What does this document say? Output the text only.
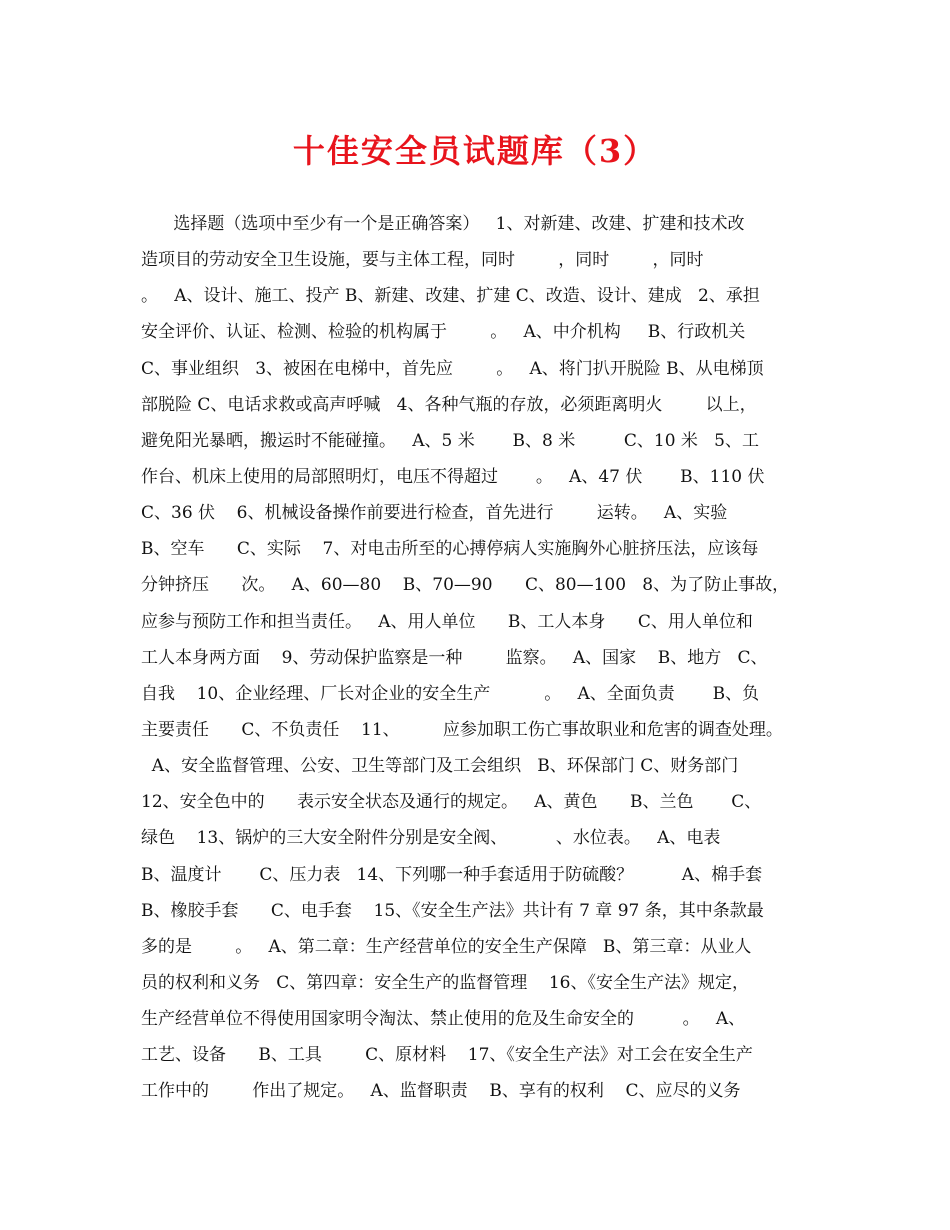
十佳安全员试题库（3）
选择题（选项中至少有一个是正确答案）   1、对新建、改建、扩建和技术改
造项目的劳动安全卫生设施，要与主体工程，同时        ，同时        ，同时
。   A、设计、施工、投产 B、新建、改建、扩建 C、改造、设计、建成   2、承担
安全评价、认证、检测、检验的机构属于        。   A、中介机构     B、行政机关
C、事业组织   3、被困在电梯中，首先应        。   A、将门扒开脱险 B、从电梯顶
部脱险 C、电话求救或高声呼喊   4、各种气瓶的存放，必须距离明火        以上，
避免阳光暴晒，搬运时不能碰撞。   A、5 米       B、8 米         C、10 米   5、工
作台、机床上使用的局部照明灯，电压不得超过       。   A、47 伏       B、110 伏
C、36 伏    6、机械设备操作前要进行检查，首先进行        运转。   A、实验
B、空车      C、实际    7、对电击所至的心搏停病人实施胸外心脏挤压法，应该每
分钟挤压      次。   A、60—80    B、70—90      C、80—100   8、为了防止事故，
应参与预防工作和担当责任。   A、用人单位      B、工人本身      C、用人单位和
工人本身两方面    9、劳动保护监察是一种        监察。   A、国家    B、地方   C、
自我    10、企业经理、厂长对企业的安全生产          。   A、全面负责       B、负
主要责任      C、不负责任    11、        应参加职工伤亡事故职业和危害的调查处理。
A、安全监督管理、公安、卫生等部门及工会组织   B、环保部门 C、财务部门
12、安全色中的      表示安全状态及通行的规定。   A、黄色      B、兰色       C、
绿色    13、锅炉的三大安全附件分别是安全阀、         、水位表。   A、电表
B、温度计       C、压力表   14、下列哪一种手套适用于防硫酸？         A、棉手套
B、橡胶手套      C、电手套    15、《安全生产法》共计有 7 章 97 条，其中条款最
多的是        。   A、第二章：生产经营单位的安全生产保障   B、第三章：从业人
员的权利和义务   C、第四章：安全生产的监督管理    16、《安全生产法》规定，
生产经营单位不得使用国家明令淘汰、禁止使用的危及生命安全的         。   A、
工艺、设备      B、工具        C、原材料    17、《安全生产法》对工会在安全生产
工作中的        作出了规定。   A、监督职责    B、享有的权利    C、应尽的义务
